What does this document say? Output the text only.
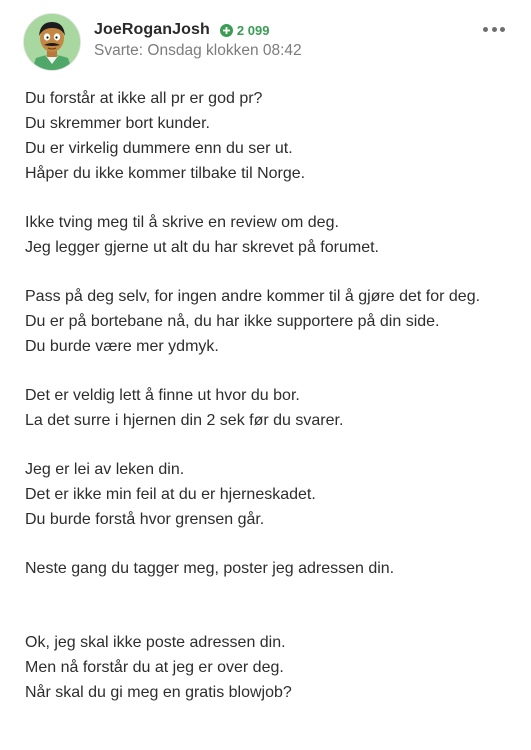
JoeRoganJosh 2 099
Svarte: Onsdag klokken 08:42

Du forstår at ikke all pr er god pr?
Du skremmer bort kunder.
Du er virkelig dummere enn du ser ut.
Håper du ikke kommer tilbake til Norge.

Ikke tving meg til å skrive en review om deg.
Jeg legger gjerne ut alt du har skrevet på forumet.

Pass på deg selv, for ingen andre kommer til å gjøre det for deg.
Du er på bortebane nå, du har ikke supportere på din side.
Du burde være mer ydmyk.

Det er veldig lett å finne ut hvor du bor.
La det surre i hjernen din 2 sek før du svarer.

Jeg er lei av leken din.
Det er ikke min feil at du er hjerneskadet.
Du burde forstå hvor grensen går.

Neste gang du tagger meg, poster jeg adressen din.

Ok, jeg skal ikke poste adressen din.
Men nå forstår du at jeg er over deg.
Når skal du gi meg en gratis blowjob?
